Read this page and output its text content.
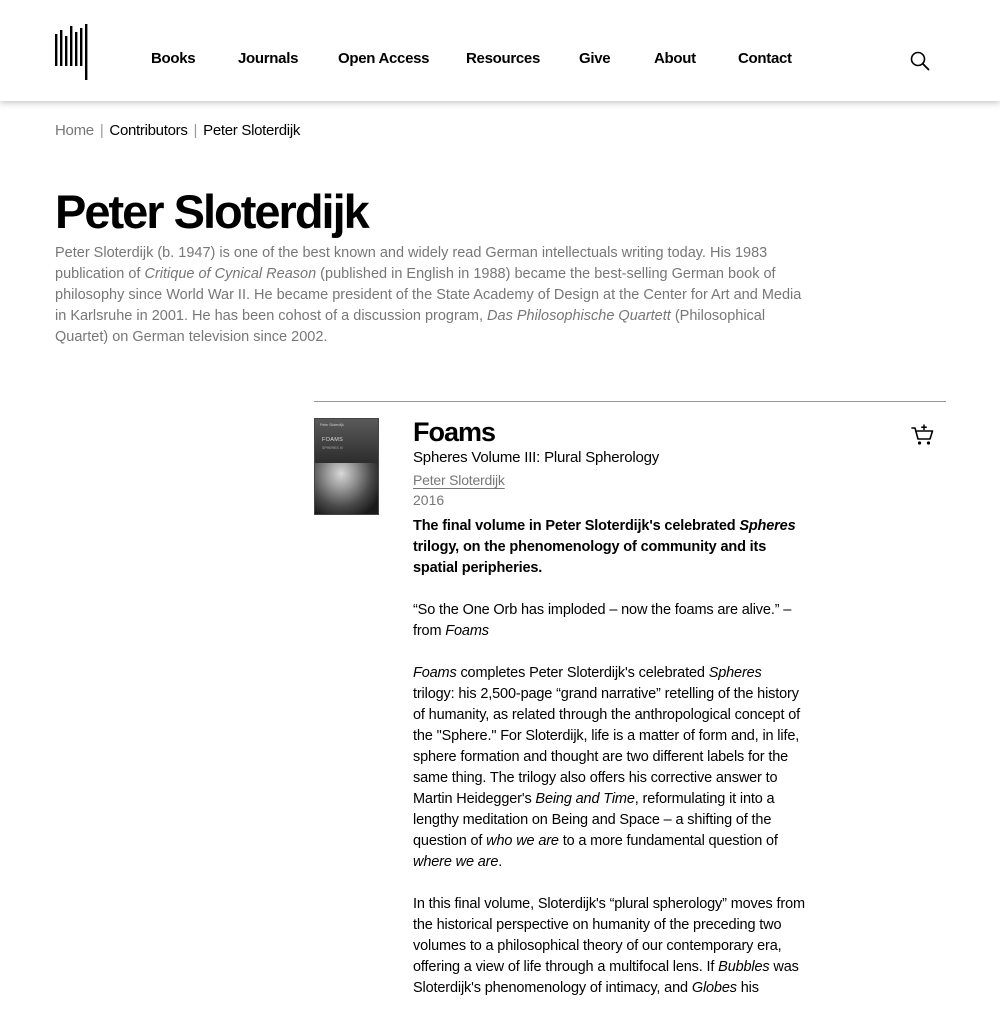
Books	Journals	Open Access Resources	Give	About	Contact
Home | Contributors | Peter Sloterdijk
Peter Sloterdijk

Peter Sloterdijk (b. 1947) is one of the best known and widely read German intellectuals writing today. His 1983 publication of Critique of Cynical Reason (published in English in 1988) became the best-selling German book of philosophy since World War II. He became president of the State Academy of Design at the Center for Art and Media in Karlsruhe in 2001. He has been cohost of a discussion program, Das Philosophische Quartett (Philosophical Quartet) on German television since 2002.

Peter Sloterdijk
FOAMS
SPHERES III
Foams
Spheres Volume III: Plural Spherology
Peter Sloterdijk
2016

The final volume in Peter Sloterdijk's celebrated Spheres trilogy, on the phenomenology of community and its spatial peripheries.

“So the One Orb has imploded – now the foams are alive.” – from Foams

Foams completes Peter Sloterdijk's celebrated Spheres trilogy: his 2,500-page “grand narrative” retelling of the history of humanity, as related through the anthropological concept of the "Sphere." For Sloterdijk, life is a matter of form and, in life, sphere formation and thought are two different labels for the same thing. The trilogy also offers his corrective answer to Martin Heidegger's Being and Time, reformulating it into a lengthy meditation on Being and Space – a shifting of the question of who we are to a more fundamental question of where we are.

In this final volume, Sloterdijk's “plural spherology” moves from the historical perspective on humanity of the preceding two volumes to a philosophical theory of our contemporary era, offering a view of life through a multifocal lens. If Bubbles was Sloterdijk's phenomenology of intimacy, and Globes his
